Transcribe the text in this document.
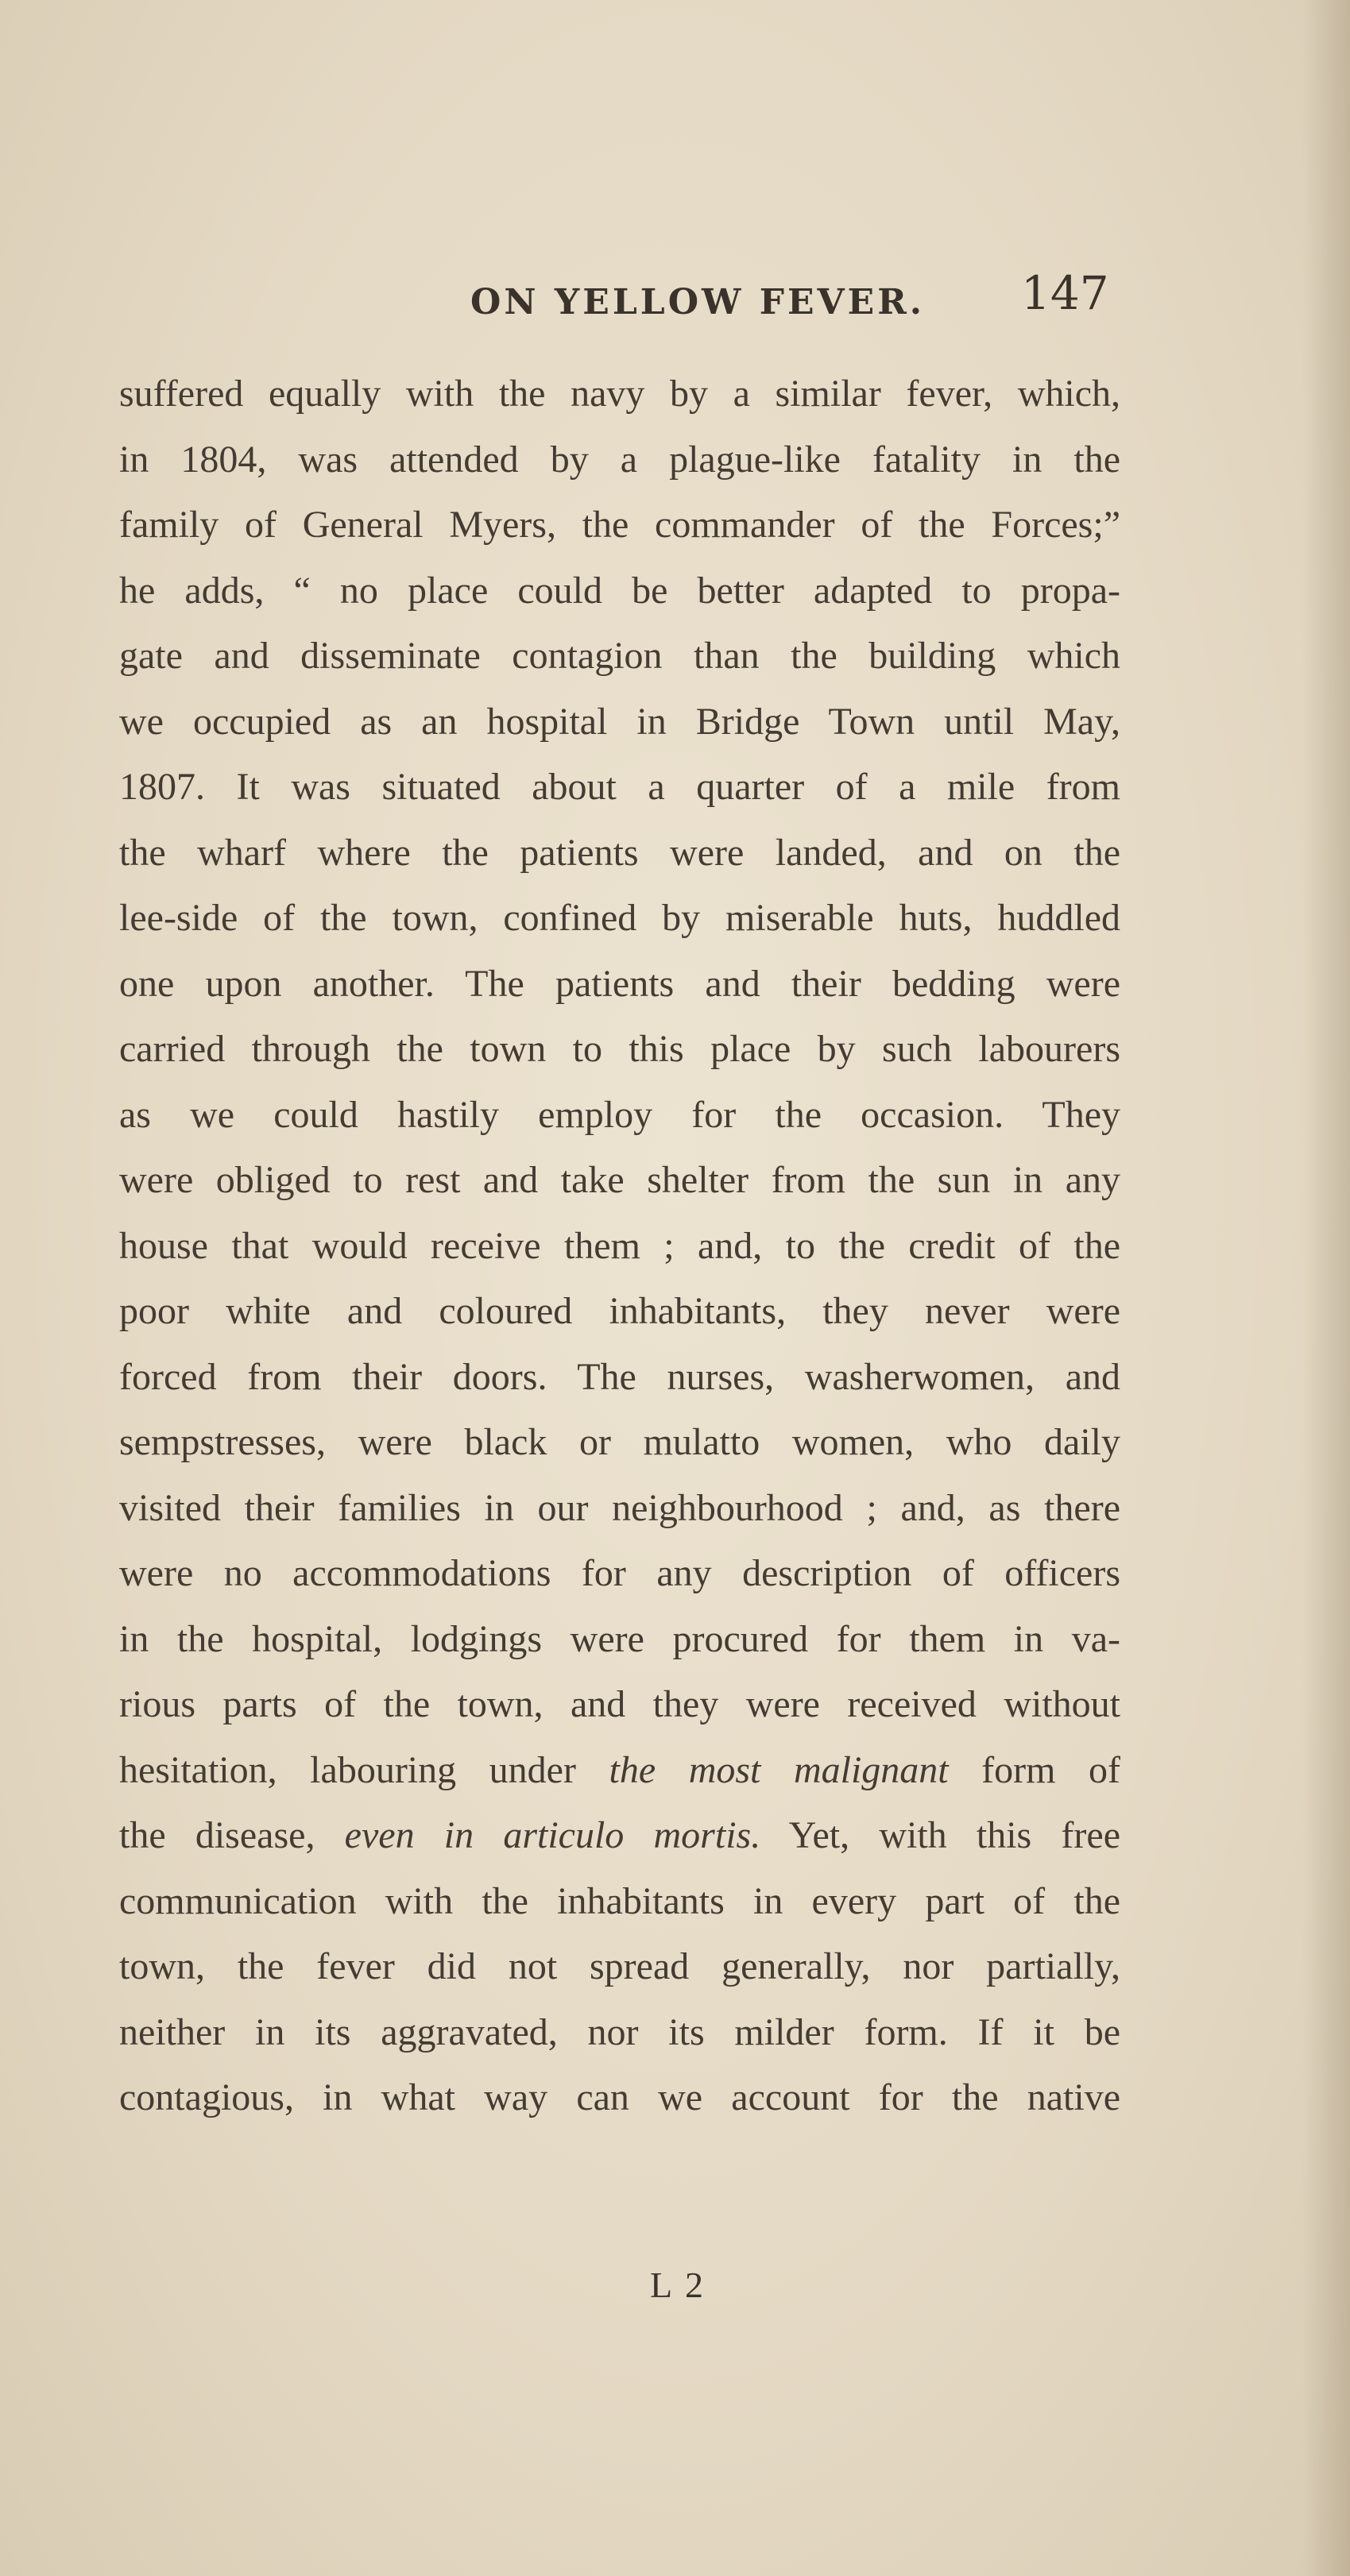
ON YELLOW FEVER. 147
suffered equally with the navy by a similar fever, which,
in 1804, was attended by a plague-like fatality in the
family of General Myers, the commander of the Forces;”
he adds, “ no place could be better adapted to propa-
gate and disseminate contagion than the building which
we occupied as an hospital in Bridge Town until May,
1807. It was situated about a quarter of a mile from
the wharf where the patients were landed, and on the
lee-side of the town, confined by miserable huts, huddled
one upon another. The patients and their bedding were
carried through the town to this place by such labourers
as we could hastily employ for the occasion. They
were obliged to rest and take shelter from the sun in any
house that would receive them ; and, to the credit of the
poor white and coloured inhabitants, they never were
forced from their doors. The nurses, washerwomen, and
sempstresses, were black or mulatto women, who daily
visited their families in our neighbourhood ; and, as there
were no accommodations for any description of officers
in the hospital, lodgings were procured for them in va-
rious parts of the town, and they were received without
hesitation, labouring under the most malignant form of
the disease, even in articulo mortis. Yet, with this free
communication with the inhabitants in every part of the
town, the fever did not spread generally, nor partially,
neither in its aggravated, nor its milder form. If it be
contagious, in what way can we account for the native
L 2
